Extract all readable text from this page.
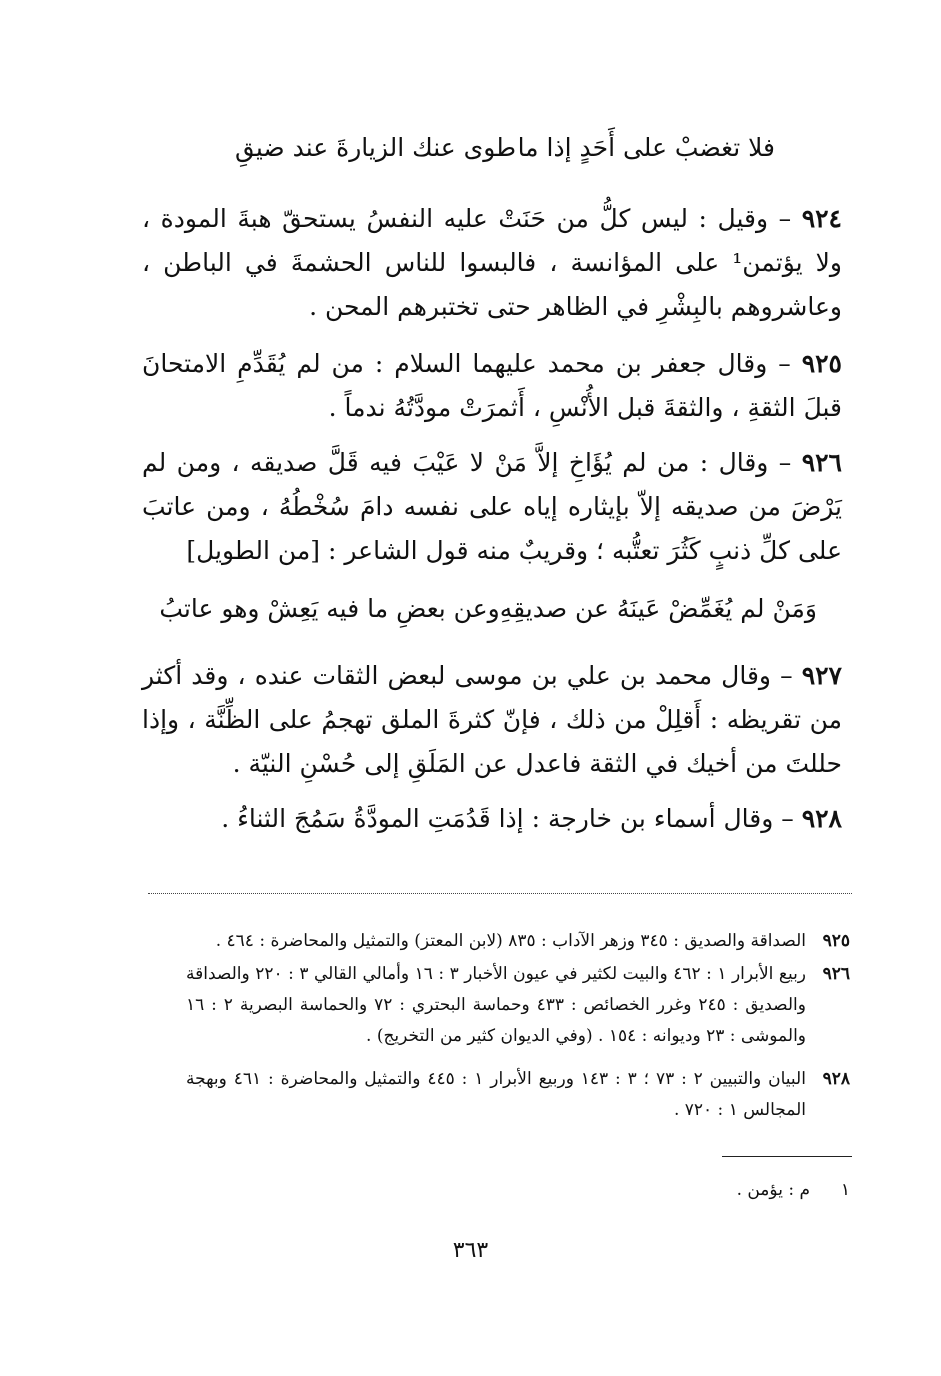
فلا تغضبْ على أَحَدٍ إذا ما
طوى عنك الزيارةَ عند ضيقِ
٩٢٤ – وقيل : ليس كلُّ من حَنَتْ عليه النفسُ يستحقّ هبةَ المودة ، ولا يؤتمن¹ على المؤانسة ، فالبسوا للناس الحشمةَ في الباطن ، وعاشروهم بالبِشْرِ في الظاهر حتى تختبرهم المحن .
٩٢٥ – وقال جعفر بن محمد عليهما السلام : من لم يُقَدِّمِ الامتحانَ قبلَ الثقةِ ، والثقةَ قبل الأُنْسِ ، أَثمرَتْ مودَّتُهُ ندماً .
٩٢٦ – وقال : من لم يُؤَاخِ إلاَّ مَنْ لا عَيْبَ فيه قَلَّ صديقه ، ومن لم يَرْضَ من صديقه إلاّ بإيثاره إياه على نفسه دامَ سُخْطُهُ ، ومن عاتبَ على كلِّ ذنبٍ كَثُرَ تعتُّبه ؛ وقريبٌ منه قول الشاعر : [من الطويل]
وَمَنْ لم يُغَمِّضْ عَينَهُ عن صديقِهِ
وعن بعضِ ما فيه يَعِشْ وهو عاتبُ
٩٢٧ – وقال محمد بن علي بن موسى لبعض الثقات عنده ، وقد أكثر من تقريظه : أَقلِلْ من ذلك ، فإنّ كثرةَ الملق تهجمُ على الظِّنَّة ، وإذا حللتَ من أخيك في الثقة فاعدل عن المَلَقِ إلى حُسْنِ النيّة .
٩٢٨ – وقال أسماء بن خارجة : إذا قَدُمَتِ المودَّةُ سَمُجَ الثناءُ .
٩٢٥
الصداقة والصديق : ٣٤٥ وزهر الآداب : ٨٣٥ (لابن المعتز) والتمثيل والمحاضرة : ٤٦٤ .
٩٢٦
ربيع الأبرار ١ : ٤٦٢ والبيت لكثير في عيون الأخبار ٣ : ١٦ وأمالي القالي ٣ : ٢٢٠ والصداقة والصديق : ٢٤٥ وغرر الخصائص : ٤٣٣ وحماسة البحتري : ٧٢ والحماسة البصرية ٢ : ١٦ والموشى : ٢٣ وديوانه : ١٥٤ . (وفي الديوان كثير من التخريج) .
٩٢٨
البيان والتبيين ٢ : ٧٣ ؛ ٣ : ١٤٣ وربيع الأبرار ١ : ٤٤٥ والتمثيل والمحاضرة : ٤٦١ وبهجة المجالس ١ : ٧٢٠ .
١
م : يؤمن .
٣٦٣
